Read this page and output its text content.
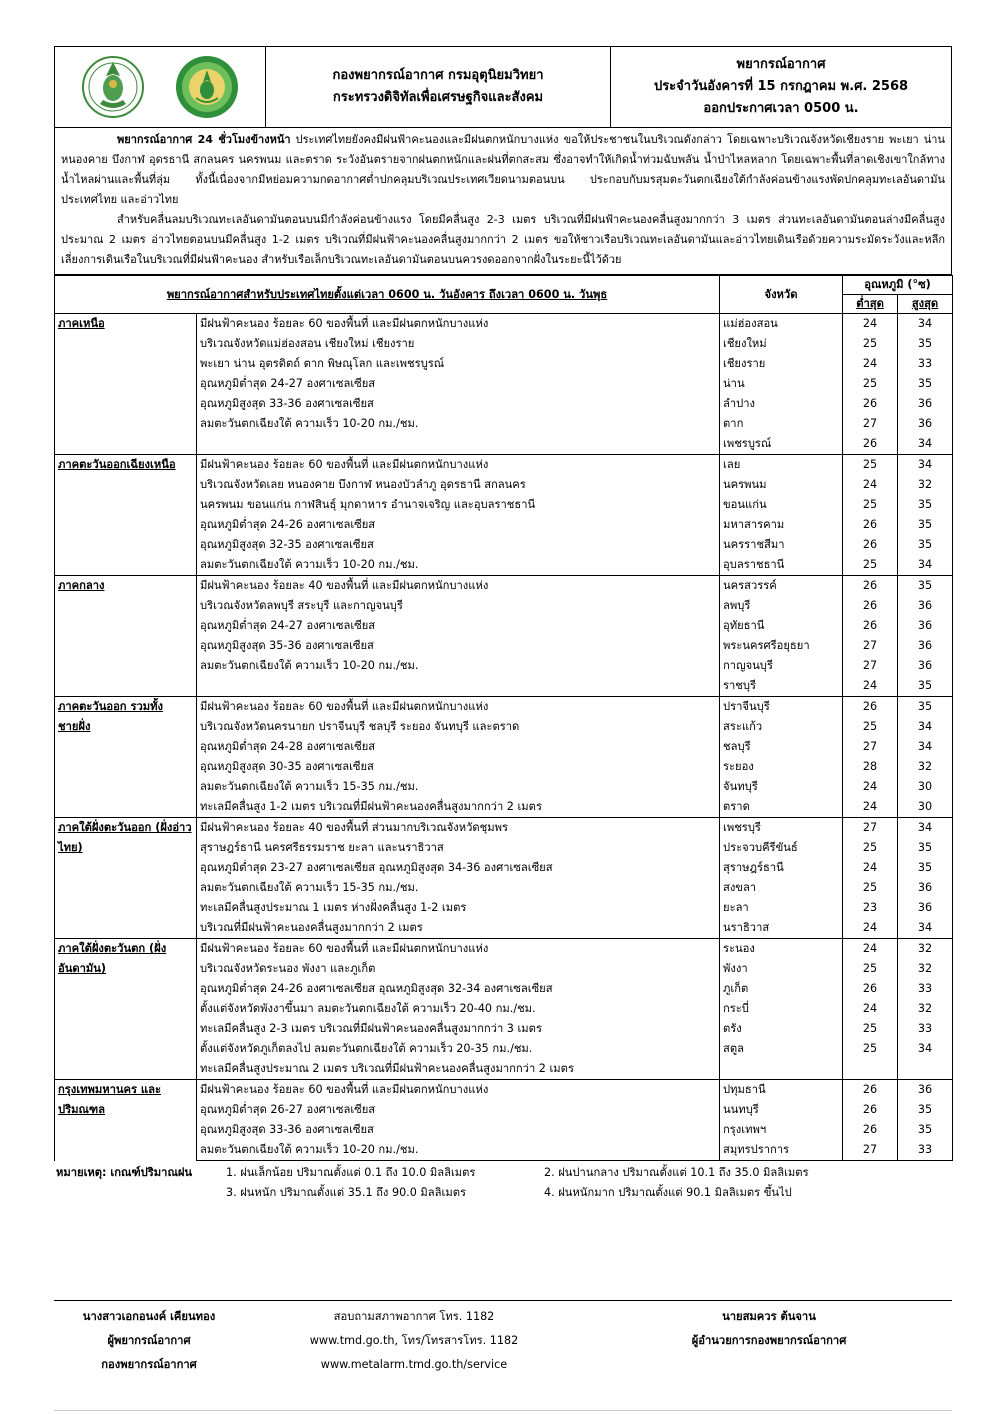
กองพยากรณ์อากาศ กรมอุตุนิยมวิทยา
กระทรวงดิจิทัลเพื่อเศรษฐกิจและสังคม
พยากรณ์อากาศ
ประจำวันอังคารที่ 15 กรกฎาคม พ.ศ. 2568
ออกประกาศเวลา 0500 น.

พยากรณ์อากาศ 24 ชั่วโมงข้างหน้า ประเทศไทยยังคงมีฝนฟ้าคะนองและมีฝนตกหนักบางแห่ง ขอให้ประชาชนในบริเวณดังกล่าว โดยเฉพาะบริเวณจังหวัดเชียงราย พะเยา น่าน หนองคาย บึงกาฬ อุดรธานี สกลนคร นครพนม และตราด ระวังอันตรายจากฝนตกหนักและฝนที่ตกสะสม ซึ่งอาจทำให้เกิดน้ำท่วมฉับพลัน น้ำป่าไหลหลาก โดยเฉพาะพื้นที่ลาดเชิงเขาใกล้ทางน้ำไหลผ่านและพื้นที่ลุ่ม ทั้งนี้เนื่องจากมีหย่อมความกดอากาศต่ำปกคลุมบริเวณประเทศเวียดนามตอนบน ประกอบกับมรสุมตะวันตกเฉียงใต้กำลังค่อนข้างแรงพัดปกคลุมทะเลอันดามัน ประเทศไทย และอ่าวไทย

สำหรับคลื่นลมบริเวณทะเลอันดามันตอนบนมีกำลังค่อนข้างแรง โดยมีคลื่นสูง 2-3 เมตร บริเวณที่มีฝนฟ้าคะนองคลื่นสูงมากกว่า 3 เมตร ส่วนทะเลอันดามันตอนล่างมีคลื่นสูงประมาณ 2 เมตร อ่าวไทยตอนบนมีคลื่นสูง 1-2 เมตร บริเวณที่มีฝนฟ้าคะนองคลื่นสูงมากกว่า 2 เมตร ขอให้ชาวเรือบริเวณทะเลอันดามันและอ่าวไทยเดินเรือด้วยความระมัดระวังและหลีกเลี่ยงการเดินเรือในบริเวณที่มีฝนฟ้าคะนอง สำหรับเรือเล็กบริเวณทะเลอันดามันตอนบนควรงดออกจากฝั่งในระยะนี้ไว้ด้วย

พยากรณ์อากาศสำหรับประเทศไทยตั้งแต่เวลา 0600 น. วันอังคาร ถึงเวลา 0600 น. วันพุธ		จังหวัด	อุณหภูมิ (°ซ)	
			ต่ำสุด	สูงสุด
ภาคเหนือ	มีฝนฟ้าคะนอง ร้อยละ 60 ของพื้นที่ และมีฝนตกหนักบางแห่ง	แม่ฮ่องสอน	24	34
	บริเวณจังหวัดแม่ฮ่องสอน เชียงใหม่ เชียงราย	เชียงใหม่	25	35
	พะเยา น่าน อุตรดิตถ์ ตาก พิษณุโลก และเพชรบูรณ์	เชียงราย	24	33
	อุณหภูมิต่ำสุด 24-27 องศาเซลเซียส	น่าน	25	35
	อุณหภูมิสูงสุด 33-36 องศาเซลเซียส	ลำปาง	26	36
	ลมตะวันตกเฉียงใต้ ความเร็ว 10-20 กม./ชม.	ตาก	27	36
		เพชรบูรณ์	26	34
ภาคตะวันออกเฉียงเหนือ	มีฝนฟ้าคะนอง ร้อยละ 60 ของพื้นที่ และมีฝนตกหนักบางแห่ง	เลย	25	34
	บริเวณจังหวัดเลย หนองคาย บึงกาฬ หนองบัวลำภู อุดรธานี สกลนคร	นครพนม	24	32
	นครพนม ขอนแก่น กาฬสินธุ์ มุกดาหาร อำนาจเจริญ และอุบลราชธานี	ขอนแก่น	25	35
	อุณหภูมิต่ำสุด 24-26 องศาเซลเซียส	มหาสารคาม	26	35
	อุณหภูมิสูงสุด 32-35 องศาเซลเซียส	นครราชสีมา	26	35
	ลมตะวันตกเฉียงใต้ ความเร็ว 10-20 กม./ชม.	อุบลราชธานี	25	34
ภาคกลาง	มีฝนฟ้าคะนอง ร้อยละ 40 ของพื้นที่ และมีฝนตกหนักบางแห่ง	นครสวรรค์	26	35
	บริเวณจังหวัดลพบุรี สระบุรี และกาญจนบุรี	ลพบุรี	26	36
	อุณหภูมิต่ำสุด 24-27 องศาเซลเซียส	อุทัยธานี	26	36
	อุณหภูมิสูงสุด 35-36 องศาเซลเซียส	พระนครศรีอยุธยา	27	36
	ลมตะวันตกเฉียงใต้ ความเร็ว 10-20 กม./ชม.	กาญจนบุรี	27	36
		ราชบุรี	24	35
ภาคตะวันออก รวมทั้งชายฝั่ง	มีฝนฟ้าคะนอง ร้อยละ 60 ของพื้นที่ และมีฝนตกหนักบางแห่ง	ปราจีนบุรี	26	35
	บริเวณจังหวัดนครนายก ปราจีนบุรี ชลบุรี ระยอง จันทบุรี และตราด	สระแก้ว	25	34
	อุณหภูมิต่ำสุด 24-28 องศาเซลเซียส	ชลบุรี	27	34
	อุณหภูมิสูงสุด 30-35 องศาเซลเซียส	ระยอง	28	32
	ลมตะวันตกเฉียงใต้ ความเร็ว 15-35 กม./ชม.	จันทบุรี	24	30
	ทะเลมีคลื่นสูง 1-2 เมตร บริเวณที่มีฝนฟ้าคะนองคลื่นสูงมากกว่า 2 เมตร	ตราด	24	30
ภาคใต้ฝั่งตะวันออก (ฝั่งอ่าวไทย)	มีฝนฟ้าคะนอง ร้อยละ 40 ของพื้นที่ ส่วนมากบริเวณจังหวัดชุมพร	เพชรบุรี	27	34
	สุราษฎร์ธานี นครศรีธรรมราช ยะลา และนราธิวาส	ประจวบคีรีขันธ์	25	35
	อุณหภูมิต่ำสุด 23-27 องศาเซลเซียส อุณหภูมิสูงสุด 34-36 องศาเซลเซียส	สุราษฎร์ธานี	24	35
	ลมตะวันตกเฉียงใต้ ความเร็ว 15-35 กม./ชม.	สงขลา	25	36
	ทะเลมีคลื่นสูงประมาณ 1 เมตร ห่างฝั่งคลื่นสูง 1-2 เมตร	ยะลา	23	36
	บริเวณที่มีฝนฟ้าคะนองคลื่นสูงมากกว่า 2 เมตร	นราธิวาส	24	34
ภาคใต้ฝั่งตะวันตก (ฝั่งอันดามัน)	มีฝนฟ้าคะนอง ร้อยละ 60 ของพื้นที่ และมีฝนตกหนักบางแห่ง	ระนอง	24	32
	บริเวณจังหวัดระนอง พังงา และภูเก็ต	พังงา	25	32
	อุณหภูมิต่ำสุด 24-26 องศาเซลเซียส อุณหภูมิสูงสุด 32-34 องศาเซลเซียส	ภูเก็ต	26	33
	ตั้งแต่จังหวัดพังงาขึ้นมา ลมตะวันตกเฉียงใต้ ความเร็ว 20-40 กม./ชม.	กระบี่	24	32
	ทะเลมีคลื่นสูง 2-3 เมตร บริเวณที่มีฝนฟ้าคะนองคลื่นสูงมากกว่า 3 เมตร	ตรัง	25	33
	ตั้งแต่จังหวัดภูเก็ตลงไป ลมตะวันตกเฉียงใต้ ความเร็ว 20-35 กม./ชม.	สตูล	25	34
	ทะเลมีคลื่นสูงประมาณ 2 เมตร บริเวณที่มีฝนฟ้าคะนองคลื่นสูงมากกว่า 2 เมตร			
กรุงเทพมหานคร และปริมณฑล	มีฝนฟ้าคะนอง ร้อยละ 60 ของพื้นที่ และมีฝนตกหนักบางแห่ง	ปทุมธานี	26	36
	อุณหภูมิต่ำสุด 26-27 องศาเซลเซียส	นนทบุรี	26	35
	อุณหภูมิสูงสุด 33-36 องศาเซลเซียส	กรุงเทพฯ	26	35
	ลมตะวันตกเฉียงใต้ ความเร็ว 10-20 กม./ชม.	สมุทรปราการ	27	33
หมายเหตุ: เกณฑ์ปริมาณฝน	1. ฝนเล็กน้อย ปริมาณตั้งแต่ 0.1 ถึง 10.0 มิลลิเมตร	2. ฝนปานกลาง ปริมาณตั้งแต่ 10.1 ถึง 35.0 มิลลิเมตร
3. ฝนหนัก ปริมาณตั้งแต่ 35.1 ถึง 90.0 มิลลิเมตร	4. ฝนหนักมาก ปริมาณตั้งแต่ 90.1 มิลลิเมตร ขึ้นไป
นางสาวเอกอนงค์ เคียนทอง
ผู้พยากรณ์อากาศ
กองพยากรณ์อากาศ
สอบถามสภาพอากาศ โทร. 1182
www.tmd.go.th, โทร/โทรสารโทร. 1182
www.metalarm.tmd.go.th/service
นายสมควร ต้นจาน
ผู้อำนวยการกองพยากรณ์อากาศ
